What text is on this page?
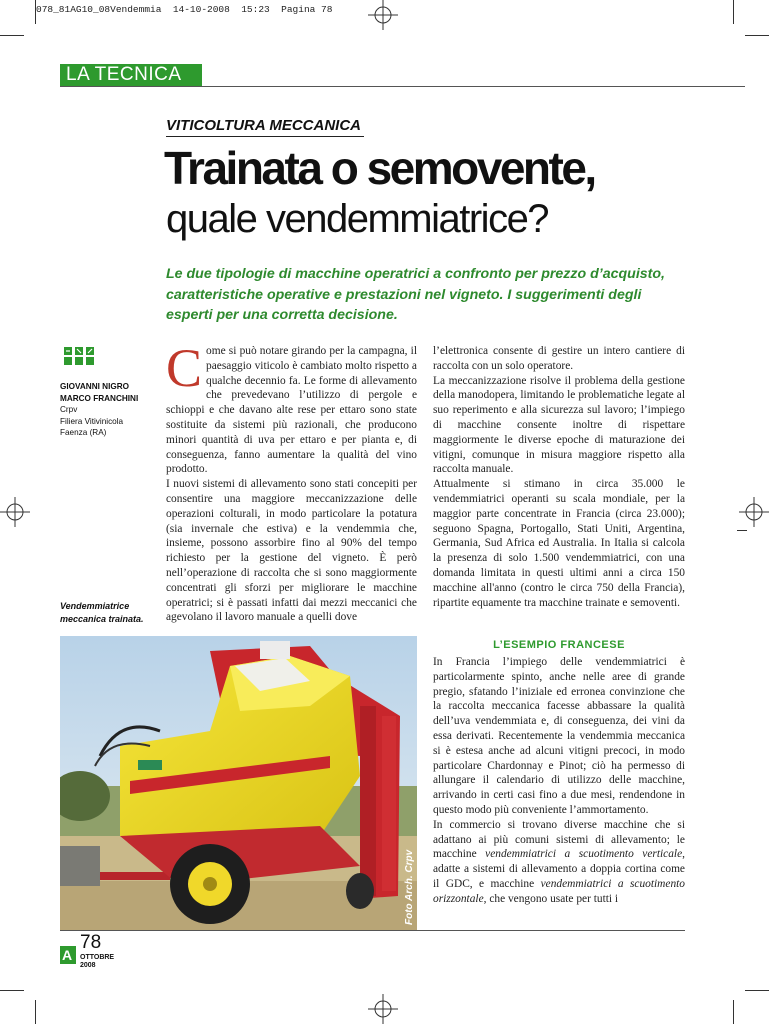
078_81AG10_08Vendemmia  14-10-2008  15:23  Pagina 78
LA TECNICA
VITICOLTURA MECCANICA
Trainata o semovente,
quale vendemmiatrice?
Le due tipologie di macchine operatrici a confronto per prezzo d’acquisto, caratteristiche operative e prestazioni nel vigneto. I suggerimenti degli esperti per una corretta decisione.
GIOVANNI NIGRO
MARCO FRANCHINI
Crpv
Filiera Vitivinicola
Faenza (RA)
Vendemmiatrice
meccanica trainata.

Come si può notare girando per la campagna, il paesaggio viticolo è cambiato molto rispetto a qualche decennio fa. Le forme di allevamento che prevedevano l’utilizzo di pergole e schioppi e che davano alte rese per ettaro sono state sostituite da sistemi più razionali, che producono minori quantità di uva per ettaro e per pianta e, di conseguenza, fanno aumentare la qualità del vino prodotto.

I nuovi sistemi di allevamento sono stati concepiti per consentire una maggiore meccanizzazione delle operazioni colturali, in modo particolare la potatura (sia invernale che estiva) e la vendemmia che, insieme, possono assorbire fino al 90% del tempo richiesto per la gestione del vigneto. È però nell’operazione di raccolta che si sono maggiormente concentrati gli sforzi per migliorare le macchine operatrici; si è passati infatti dai mezzi meccanici che agevolano il lavoro manuale a quelli dove

l’elettronica consente di gestire un intero cantiere di raccolta con un solo operatore.

La meccanizzazione risolve il problema della gestione della manodopera, limitando le problematiche legate al suo reperimento e alla sicurezza sul lavoro; l’impiego di macchine consente inoltre di rispettare maggiormente le diverse epoche di maturazione dei vitigni, comunque in misura maggiore rispetto alla raccolta manuale.

Attualmente si stimano in circa 35.000 le vendemmiatrici operanti su scala mondiale, per la maggior parte concentrate in Francia (circa 23.000); seguono Spagna, Portogallo, Stati Uniti, Argentina, Germania, Sud Africa ed Australia. In Italia si calcola la presenza di solo 1.500 vendemmiatrici, con una domanda limitata in questi ultimi anni a circa 150 macchine all'anno (contro le circa 750 della Francia), ripartite equamente tra macchine trainate e semoventi.

L’ESEMPIO FRANCESE

In Francia l’impiego delle vendemmiatrici è particolarmente spinto, anche nelle aree di grande pregio, sfatando l’iniziale ed erronea convinzione che la raccolta meccanica facesse abbassare la qualità dell’uva vendemmiata e, di conseguenza, dei vini da essa derivati. Recentemente la vendemmia meccanica si è estesa anche ad alcuni vitigni precoci, in modo particolare Chardonnay e Pinot; ciò ha permesso di allungare il calendario di utilizzo delle macchine, arrivando in certi casi fino a due mesi, rendendone in questo modo più conveniente l’ammortamento.

In commercio si trovano diverse macchine che si adattano ai più comuni sistemi di allevamento; le macchine vendemmiatrici a scuotimento verticale, adatte a sistemi di allevamento a doppia cortina come il GDC, e macchine vendemmiatrici a scuotimento orizzontale, che vengono usate per tutti i

Foto Arch. Crpv
A
78
OTTOBRE
2008
